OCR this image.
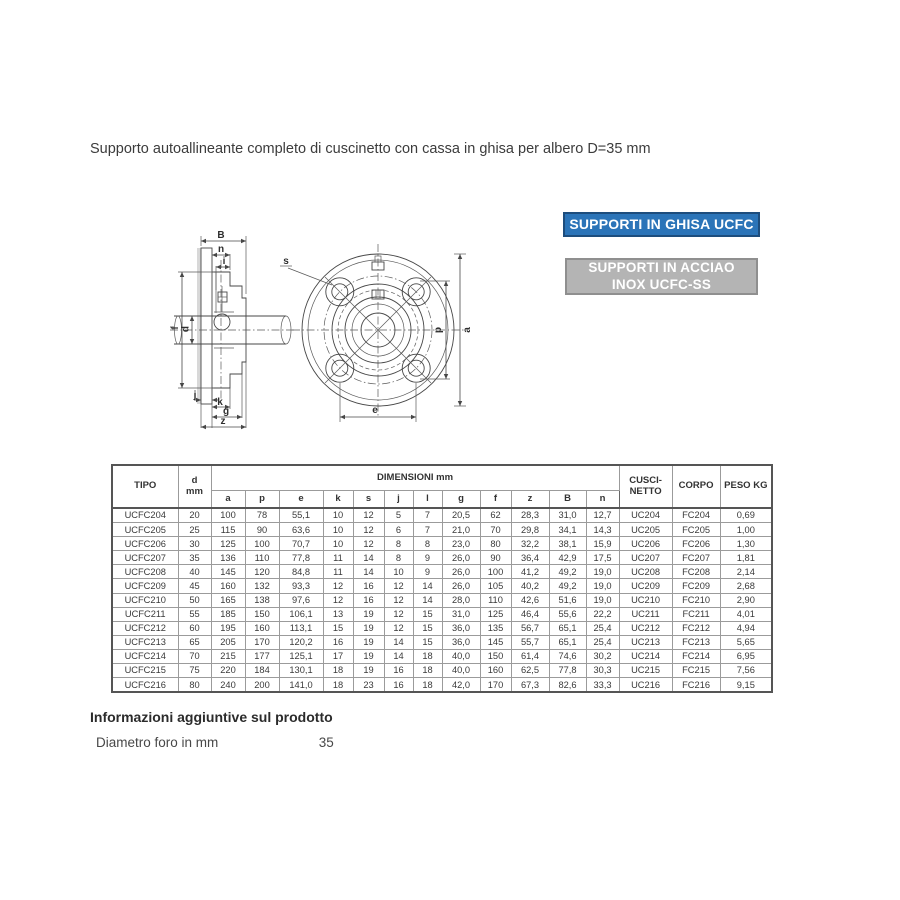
Supporto autoallineante completo di cuscinetto con cassa in ghisa per albero D=35 mm
SUPPORTI IN GHISA UCFC
SUPPORTI IN ACCIAO
INOX UCFC-SS
B
n
i
f d
j
k
g
z
s
e
p a
TIPO	d
mm
	DIMENSIONI mm	CUSCI-
NETTO	CORPO	PESO KG
		a	p	e	k	s	j	l	g	f	z	B	n			
UCFC204	20	100	78	55,1	10	12	5	7	20,5	62	28,3	31,0	12,7	UC204	FC204	0,69
UCFC205	25	115	90	63,6	10	12	6	7	21,0	70	29,8	34,1	14,3	UC205	FC205	1,00
UCFC206	30	125	100	70,7	10	12	8	8	23,0	80	32,2	38,1	15,9	UC206	FC206	1,30
UCFC207	35	136	110	77,8	11	14	8	9	26,0	90	36,4	42,9	17,5	UC207	FC207	1,81
UCFC208	40	145	120	84,8	11	14	10	9	26,0	100	41,2	49,2	19,0	UC208	FC208	2,14
UCFC209	45	160	132	93,3	12	16	12	14	26,0	105	40,2	49,2	19,0	UC209	FC209	2,68
UCFC210	50	165	138	97,6	12	16	12	14	28,0	110	42,6	51,6	19,0	UC210	FC210	2,90
UCFC211	55	185	150	106,1	13	19	12	15	31,0	125	46,4	55,6	22,2	UC211	FC211	4,01
UCFC212	60	195	160	113,1	15	19	12	15	36,0	135	56,7	65,1	25,4	UC212	FC212	4,94
UCFC213	65	205	170	120,2	16	19	14	15	36,0	145	55,7	65,1	25,4	UC213	FC213	5,65
UCFC214	70	215	177	125,1	17	19	14	18	40,0	150	61,4	74,6	30,2	UC214	FC214	6,95
UCFC215	75	220	184	130,1	18	19	16	18	40,0	160	62,5	77,8	30,3	UC215	FC215	7,56
UCFC216	80	240	200	141,0	18	23	16	18	42,0	170	67,3	82,6	33,3	UC216	FC216	9,15
Informazioni aggiuntive sul prodotto
Diametro foro in mm	35
